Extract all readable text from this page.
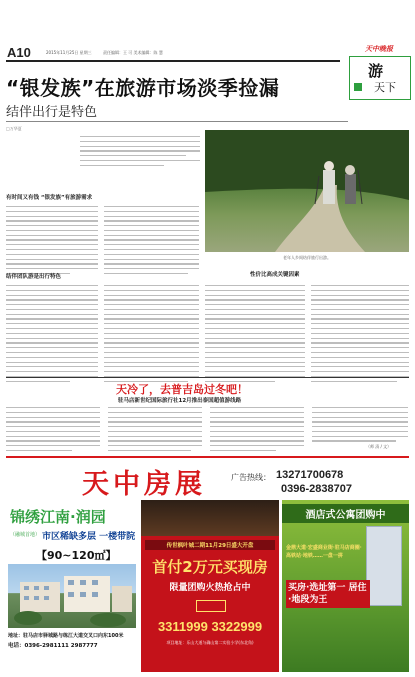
A10	2015年11月25日 星期三	责任编辑：王 可 美术编辑：陈 慧	天中晚报
游
天下
“银发族”在旅游市场淡季捡漏
结伴出行是特色
□万华夏
有时间又有钱 “银发族”有旅游需求
结伴团队游是出行特色
老年人乡间结伴旅行出游。
性价比高成关键因素
天冷了，去普吉岛过冬吧！
驻马店新世纪国际旅行社12月推出泰国超值游线路
（师 清 / 文）
天中房展	广告热线： 13271700678
0396-2838707
锦绣江南·润园
（融城首地） 市区稀缺多层 一楼带院
【90~120㎡】
地址：驻马店市驿城路与练江大道交叉口向东100米
电话：0396-2981111 2987777
传世枫叶城二期11月29日盛大开盘
首付2万元买现房
限量团购火热抢占中
3311999 3322999
项目地址：乐山大道与确山第二实验小学(东北角)
酒店式公寓团购中
金鼎大道·宏盛商业街·驻马店商圈·高铁站·地铁……一盘一拼
买房·选址第一 居住·地段为王
